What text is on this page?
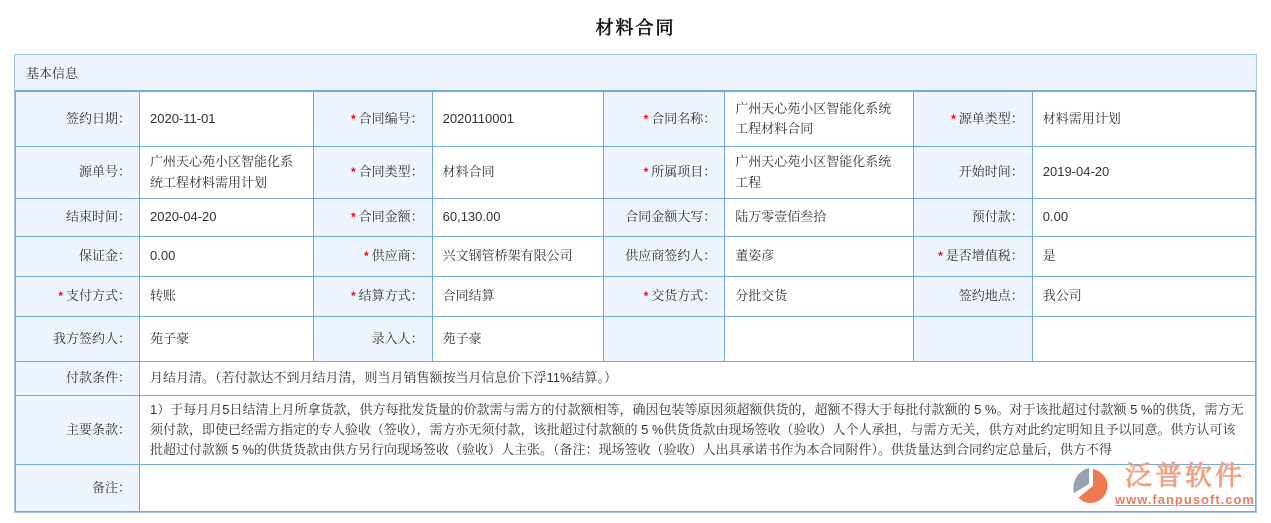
材料合同
基本信息
签约日期：	2020-11-01	* 合同编号：	2020110001	* 合同名称：	广州天心苑小区智能化系统工程材料合同	* 源单类型：	材料需用计划
源单号：	广州天心苑小区智能化系统工程材料需用计划	* 合同类型：	材料合同	* 所属项目：	广州天心苑小区智能化系统工程	开始时间：	2019-04-20
结束时间：	2020-04-20	* 合同金额：	60,130.00	合同金额大写：	陆万零壹佰叁拾	预付款：	0.00
保证金：	0.00	* 供应商：	兴文钢管桥架有限公司	供应商签约人：	董姿彦	* 是否增值税：	是
* 支付方式：	转账	* 结算方式：	合同结算	* 交货方式：	分批交货	签约地点：	我公司
我方签约人：	苑子豪	录入人：	苑子豪				
付款条件：	月结月清。（若付款达不到月结月清，则当月销售额按当月信息价下浮11%结算。）						
主要条款：	1）于每月月5日结清上月所拿货款，供方每批发货量的价款需与需方的付款额相等，确因包装等原因须超额供货的，超额不得大于每批付款额的 5 %。对于该批超过付款额 5 %的供货，需方无须付款，即使已经需方指定的专人验收（签收），需方亦无须付款，该批超过付款额的 5 %供货货款由现场签收（验收）人个人承担，与需方无关，供方对此约定明知且予以同意。供方认可该批超过付款额 5 %的供货货款由供方另行向现场签收（验收）人主张。（备注：现场签收（验收）人出具承诺书作为本合同附件）。供货量达到合同约定总量后，供方不得						
备注：								泛普软件
www.fanpusoft.com
